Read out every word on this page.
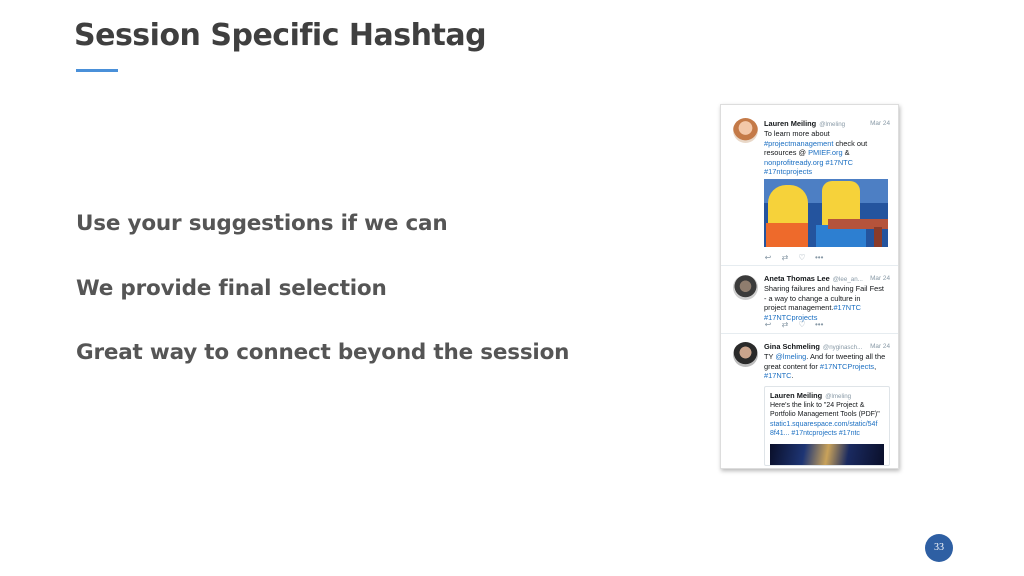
Session Specific Hashtag
Use your suggestions if we can
We provide final selection
Great way to connect beyond the session
Lauren Meiling @lmeling	Mar 24
To learn more about
#projectmanagement check out
resources @ PMIEF.org &
nonprofitready.org #17NTC
#17ntcprojects
↩ ⇄ ♡ •••
Aneta Thomas Lee @lee_an... Mar 24
Sharing failures and having Fail Fest
- a way to change a culture in
project management.#17NTC
#17NTCprojects
↩ ⇄ ♡ •••
Gina Schmeling @nyginasch... Mar 24
TY @lmeling. And for tweeting all the
great content for #17NTCProjects,
#17NTC.
Lauren Meiling @lmeling
Here's the link to "24 Project &
Portfolio Management Tools (PDF)"
static1.squarespace.com/static/54f
8f41... #17ntcprojects #17ntc
33
